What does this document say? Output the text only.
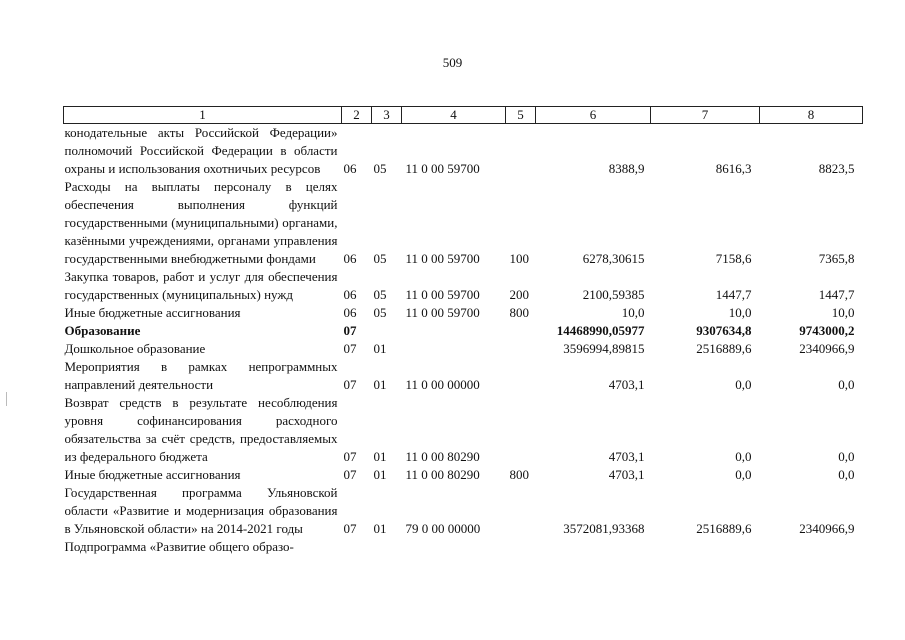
509
1	2	3	4	5	6	7	8
конодательные акты Российской Федерации» полномочий Российской Федерации в области охраны и использования охотничьих ресурсов	06	05	11 0 00 59700		8388,9	8616,3	8823,5
Расходы на выплаты персоналу в целях обеспечения выполнения функций государственными (муниципальными) органами, казёнными учреждениями, органами управления государственными внебюджетными фондами	06	05	11 0 00 59700	100	6278,30615	7158,6	7365,8
Закупка товаров, работ и услуг для обеспечения государственных (муниципальных) нужд	06	05	11 0 00 59700	200	2100,59385	1447,7	1447,7
Иные бюджетные ассигнования	06	05	11 0 00 59700	800	10,0	10,0	10,0
Образование	07				14468990,05977	9307634,8	9743000,2
Дошкольное образование	07	01			3596994,89815	2516889,6	2340966,9
Мероприятия в рамках непрограммных направлений деятельности	07	01	11 0 00 00000		4703,1	0,0	0,0
Возврат средств в результате несоблюдения уровня софинансирования расходного обязательства за счёт средств, предоставляемых из федерального бюджета	07	01	11 0 00 80290		4703,1	0,0	0,0
Иные бюджетные ассигнования	07	01	11 0 00 80290	800	4703,1	0,0	0,0
Государственная программа Ульяновской области «Развитие и модернизация образования в Ульяновской области» на 2014-2021 годы	07	01	79 0 00 00000		3572081,93368	2516889,6	2340966,9
Подпрограмма «Развитие общего образо-							
